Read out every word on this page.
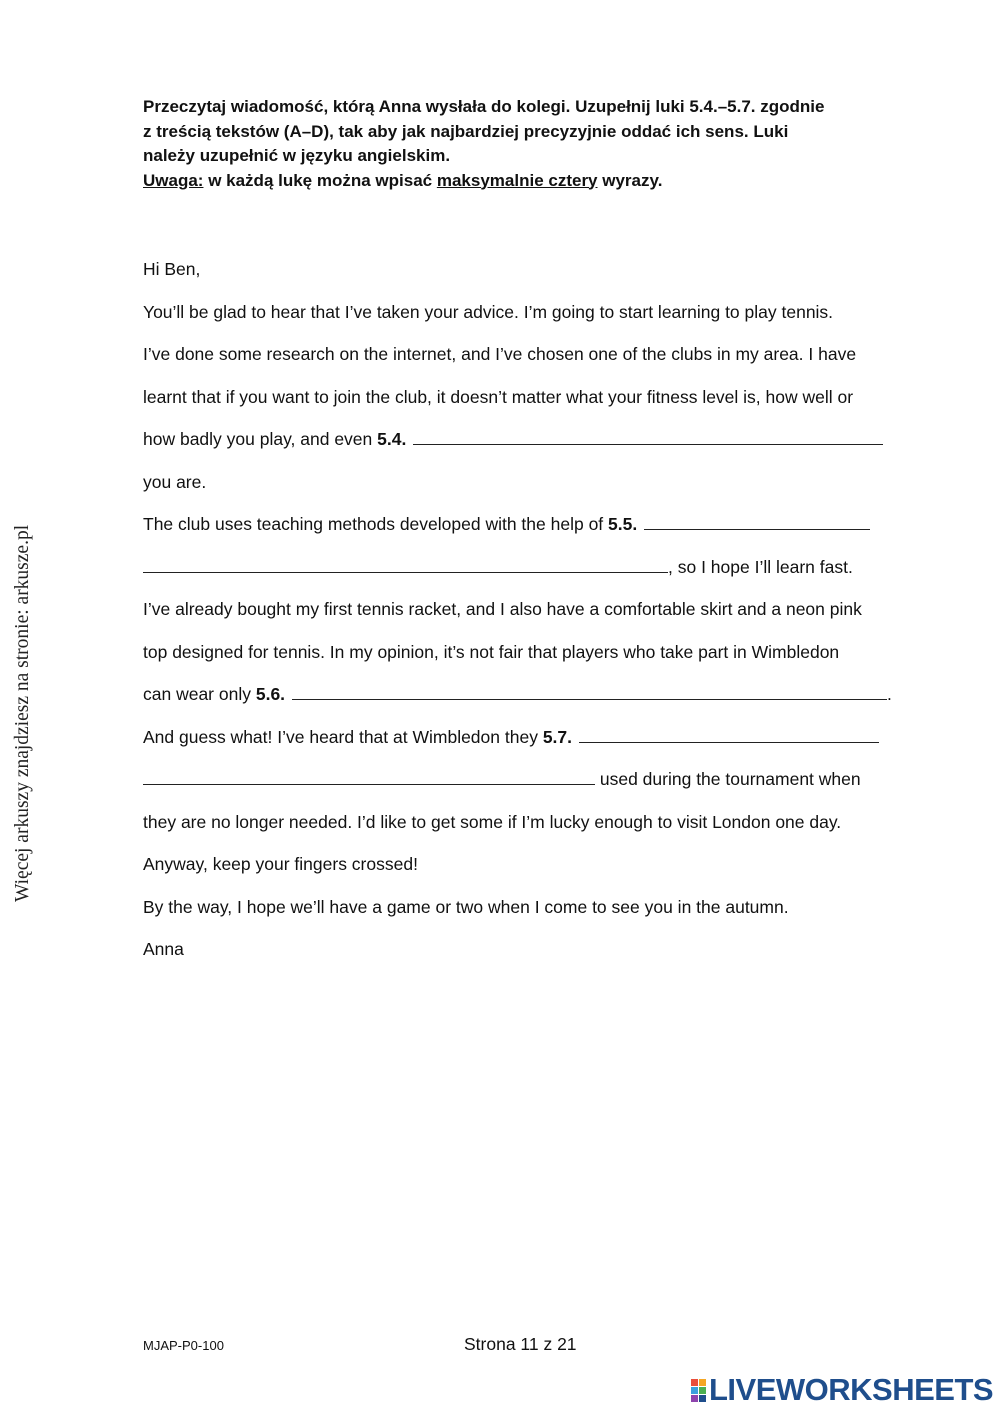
Przeczytaj wiadomość, którą Anna wysłała do kolegi. Uzupełnij luki 5.4.–5.7. zgodnie
z treścią tekstów (A–D), tak aby jak najbardziej precyzyjnie oddać ich sens. Luki
należy uzupełnić w języku angielskim.
Uwaga: w każdą lukę można wpisać maksymalnie cztery wyrazy.
Hi Ben,
You’ll be glad to hear that I’ve taken your advice. I’m going to start learning to play tennis.
I’ve done some research on the internet, and I’ve chosen one of the clubs in my area. I have
learnt that if you want to join the club, it doesn’t matter what your fitness level is, how well or
how badly you play, and even 5.4.
you are.
The club uses teaching methods developed with the help of 5.5.
, so I hope I’ll learn fast.
I’ve already bought my first tennis racket, and I also have a comfortable skirt and a neon pink
top designed for tennis. In my opinion, it’s not fair that players who take part in Wimbledon
can wear only 5.6.	.
And guess what! I’ve heard that at Wimbledon they 5.7.
used during the tournament when
they are no longer needed. I’d like to get some if I’m lucky enough to visit London one day.
Anyway, keep your fingers crossed!
By the way, I hope we’ll have a game or two when I come to see you in the autumn.
Anna
Więcej arkuszy znajdziesz na stronie: arkusze.pl
MJAP-P0-100	Strona 11 z 21
LIVEWORKSHEETS
